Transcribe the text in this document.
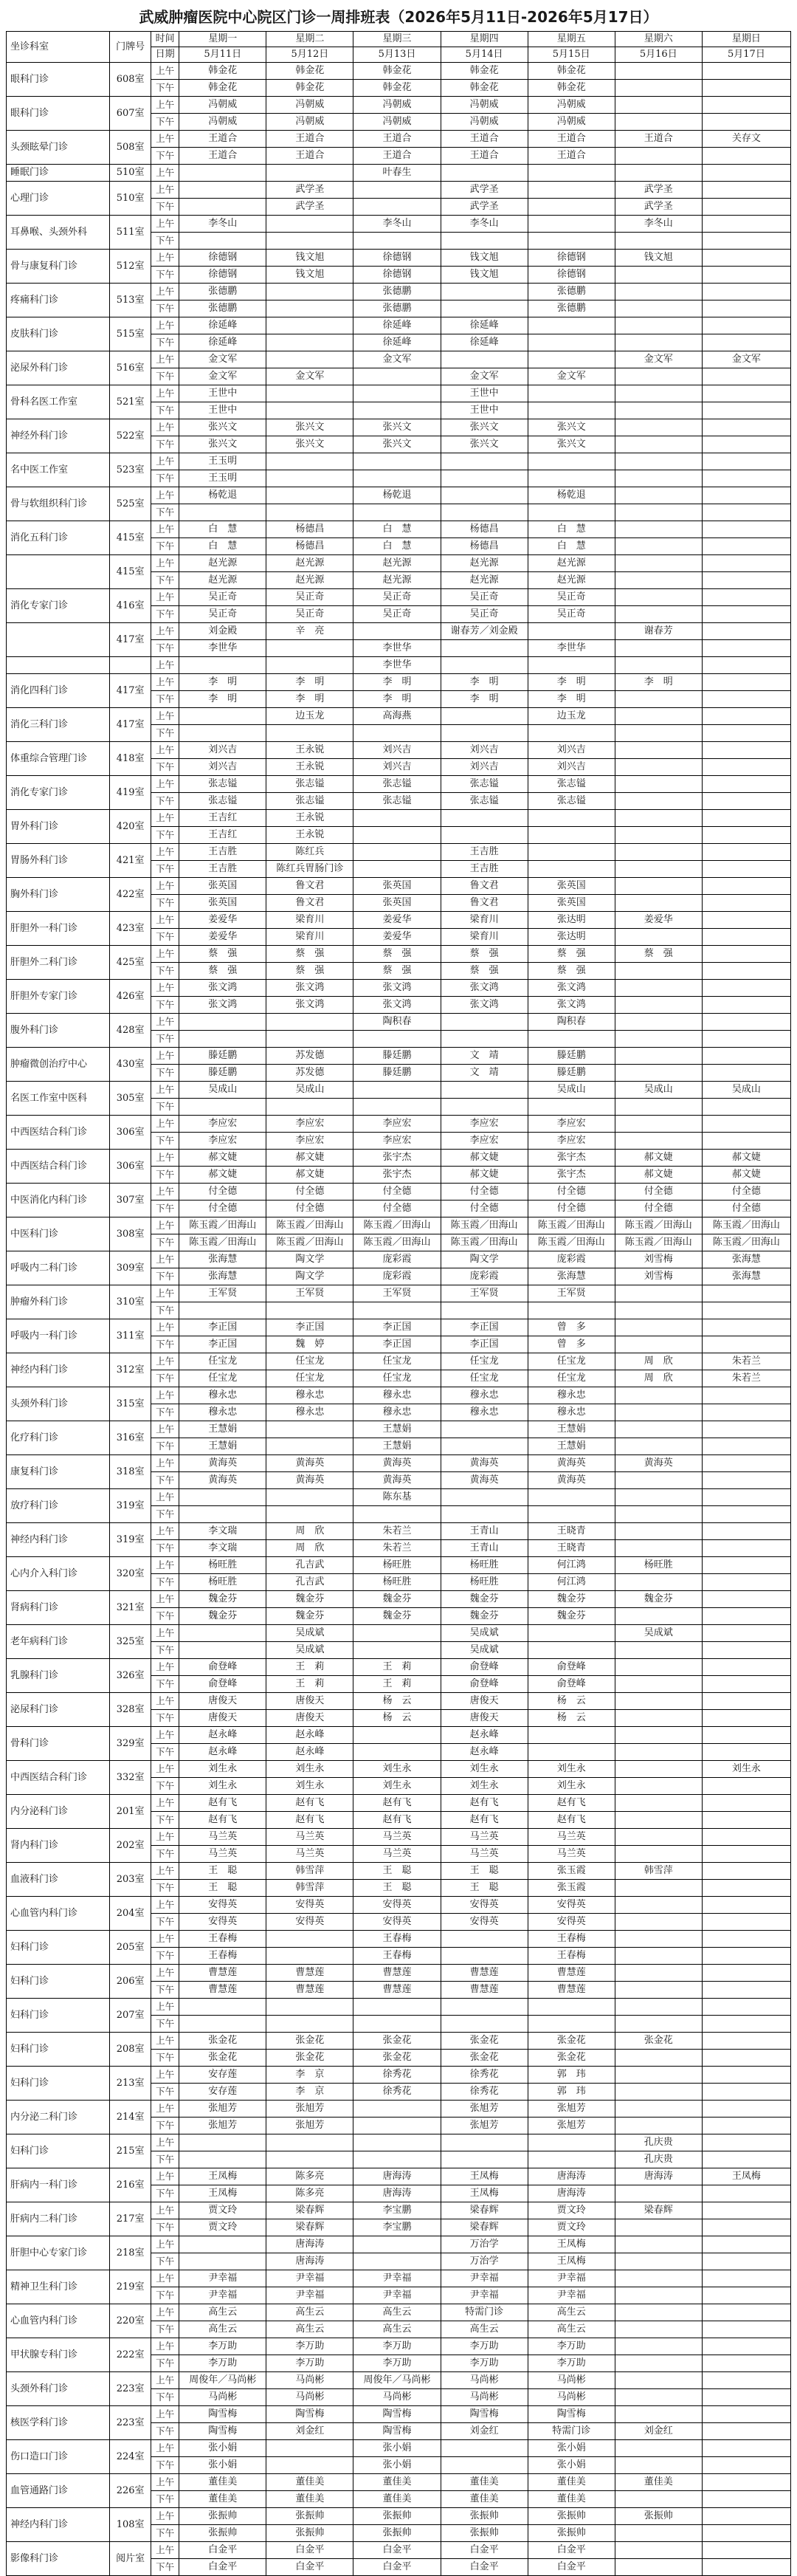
武威肿瘤医院中心院区门诊一周排班表（2026年5月11日-2026年5月17日）
坐诊科室	门牌号	时间	星期一	星期二	星期三	星期四	星期五	星期六	星期日
		日期	5月11日	5月12日	5月13日	5月14日	5月15日	5月16日	5月17日
眼科门诊	608室	上午	韩金花	韩金花	韩金花	韩金花	韩金花		
		下午	韩金花	韩金花	韩金花	韩金花	韩金花		
眼科门诊	607室	上午	冯朝威	冯朝威	冯朝威	冯朝威	冯朝威		
		下午	冯朝威	冯朝威	冯朝威	冯朝威	冯朝威		
头颈眩晕门诊	508室	上午	王道合	王道合	王道合	王道合	王道合	王道合	关存文
		下午	王道合	王道合	王道合	王道合	王道合		
睡眠门诊	510室	上午			叶春生				
心理门诊	510室	上午		武学圣		武学圣		武学圣	
		下午		武学圣		武学圣		武学圣	
耳鼻喉、头颈外科	511室	上午	李冬山		李冬山	李冬山		李冬山	
		下午							
骨与康复科门诊	512室	上午	徐德钢	钱文旭	徐德钢	钱文旭	徐德钢	钱文旭	
		下午	徐德钢	钱文旭	徐德钢	钱文旭	徐德钢		
疼痛科门诊	513室	上午	张德鹏		张德鹏		张德鹏		
		下午	张德鹏		张德鹏		张德鹏		
皮肤科门诊	515室	上午	徐延峰		徐延峰	徐延峰			
		下午	徐延峰		徐延峰	徐延峰			
泌尿外科门诊	516室	上午	金文军		金文军			金文军	金文军
		下午	金文军	金文军		金文军	金文军		
骨科名医工作室	521室	上午	王世中			王世中			
		下午	王世中			王世中			
神经外科门诊	522室	上午	张兴文	张兴文	张兴文	张兴文	张兴文		
		下午	张兴文	张兴文	张兴文	张兴文	张兴文		
名中医工作室	523室	上午	王玉明						
		下午	王玉明						
骨与软组织科门诊	525室	上午	杨乾退		杨乾退		杨乾退		
		下午							
消化五科门诊	415室	上午	白　慧	杨德昌	白　慧	杨德昌	白　慧		
		下午	白　慧	杨德昌	白　慧	杨德昌	白　慧		
	415室	上午	赵光源	赵光源	赵光源	赵光源	赵光源		
		下午	赵光源	赵光源	赵光源	赵光源	赵光源		
消化专家门诊	416室	上午	吴正奇	吴正奇	吴正奇	吴正奇	吴正奇		
		下午	吴正奇	吴正奇	吴正奇	吴正奇	吴正奇		
	417室	上午	刘金殿	辛　亮		谢春芳／刘金殿		谢春芳	
		下午	李世华		李世华		李世华		
		上午			李世华				
消化四科门诊	417室	上午	李　明	李　明	李　明	李　明	李　明	李　明	
		下午	李　明	李　明	李　明	李　明	李　明		
消化三科门诊	417室	上午		边玉龙	高海燕		边玉龙		
		下午							
体重综合管理门诊	418室	上午	刘兴吉	王永锐	刘兴吉	刘兴吉	刘兴吉		
		下午	刘兴吉	王永锐	刘兴吉	刘兴吉	刘兴吉		
消化专家门诊	419室	上午	张志镒	张志镒	张志镒	张志镒	张志镒		
		下午	张志镒	张志镒	张志镒	张志镒	张志镒		
胃外科门诊	420室	上午	王吉红	王永锐					
		下午	王吉红	王永锐					
胃肠外科门诊	421室	上午	王吉胜	陈红兵		王吉胜			
		下午	王吉胜	陈红兵胃肠门诊		王吉胜			
胸外科门诊	422室	上午	张英国	鲁文君	张英国	鲁文君	张英国		
		下午	张英国	鲁文君	张英国	鲁文君	张英国		
肝胆外一科门诊	423室	上午	姜爱华	梁育川	姜爱华	梁育川	张达明	姜爱华	
		下午	姜爱华	梁育川	姜爱华	梁育川	张达明		
肝胆外二科门诊	425室	上午	蔡　强	蔡　强	蔡　强	蔡　强	蔡　强	蔡　强	
		下午	蔡　强	蔡　强	蔡　强	蔡　强	蔡　强		
肝胆外专家门诊	426室	上午	张文鸿	张文鸿	张文鸿	张文鸿	张文鸿		
		下午	张文鸿	张文鸿	张文鸿	张文鸿	张文鸿		
腹外科门诊	428室	上午			陶积春		陶积春		
		下午							
肿瘤微创治疗中心	430室	上午	滕廷鹏	苏发德	滕廷鹏	文　靖	滕廷鹏		
		下午	滕廷鹏	苏发德	滕廷鹏	文　靖	滕廷鹏		
名医工作室中医科	305室	上午	吴成山	吴成山			吴成山	吴成山	吴成山
		下午							
中西医结合科门诊	306室	上午	李应宏	李应宏	李应宏	李应宏	李应宏		
		下午	李应宏	李应宏	李应宏	李应宏	李应宏		
中西医结合科门诊	306室	上午	郝文婕	郝文婕	张宇杰	郝文婕	张宇杰	郝文婕	郝文婕
		下午	郝文婕	郝文婕	张宇杰	郝文婕	张宇杰	郝文婕	郝文婕
中医消化内科门诊	307室	上午	付全德	付全德	付全德	付全德	付全德	付全德	付全德
		下午	付全德	付全德	付全德	付全德	付全德	付全德	付全德
中医科门诊	308室	上午	陈玉霞／田海山	陈玉霞／田海山	陈玉霞／田海山	陈玉霞／田海山	陈玉霞／田海山	陈玉霞／田海山	陈玉霞／田海山
		下午	陈玉霞／田海山	陈玉霞／田海山	陈玉霞／田海山	陈玉霞／田海山	陈玉霞／田海山	陈玉霞／田海山	陈玉霞／田海山
呼吸内二科门诊	309室	上午	张海慧	陶文学	庞彩霞	陶文学	庞彩霞	刘雪梅	张海慧
		下午	张海慧	陶文学	庞彩霞	庞彩霞	张海慧	刘雪梅	张海慧
肿瘤外科门诊	310室	上午	王军贤	王军贤	王军贤	王军贤	王军贤		
		下午							
呼吸内一科门诊	311室	上午	李正国	李正国	李正国	李正国	曾　多		
		下午	李正国	魏　婷	李正国	李正国	曾　多		
神经内科门诊	312室	上午	任宝龙	任宝龙	任宝龙	任宝龙	任宝龙	周　欣	朱若兰
		下午	任宝龙	任宝龙	任宝龙	任宝龙	任宝龙	周　欣	朱若兰
头颈外科门诊	315室	上午	穆永忠	穆永忠	穆永忠	穆永忠	穆永忠		
		下午	穆永忠	穆永忠	穆永忠	穆永忠	穆永忠		
化疗科门诊	316室	上午	王慧娟		王慧娟		王慧娟		
		下午	王慧娟		王慧娟		王慧娟		
康复科门诊	318室	上午	黄海英	黄海英	黄海英	黄海英	黄海英	黄海英	
		下午	黄海英	黄海英	黄海英	黄海英	黄海英		
放疗科门诊	319室	上午			陈东基				
		下午							
神经内科门诊	319室	上午	李文瑞	周　欣	朱若兰	王青山	王晓青		
		下午	李文瑞	周　欣	朱若兰	王青山	王晓青		
心内介入科门诊	320室	上午	杨旺胜	孔吉武	杨旺胜	杨旺胜	何江鸿	杨旺胜	
		下午	杨旺胜	孔吉武	杨旺胜	杨旺胜	何江鸿		
肾病科门诊	321室	上午	魏金芬	魏金芬	魏金芬	魏金芬	魏金芬	魏金芬	
		下午	魏金芬	魏金芬	魏金芬	魏金芬	魏金芬		
老年病科门诊	325室	上午		吴成斌		吴成斌		吴成斌	
		下午		吴成斌		吴成斌			
乳腺科门诊	326室	上午	俞登峰	王　莉	王　莉	俞登峰	俞登峰		
		下午	俞登峰	王　莉	王　莉	俞登峰	俞登峰		
泌尿科门诊	328室	上午	唐俊天	唐俊天	杨　云	唐俊天	杨　云		
		下午	唐俊天	唐俊天	杨　云	唐俊天	杨　云		
骨科门诊	329室	上午	赵永峰	赵永峰		赵永峰			
		下午	赵永峰	赵永峰		赵永峰			
中西医结合科门诊	332室	上午	刘生永	刘生永	刘生永	刘生永	刘生永		刘生永
		下午	刘生永	刘生永	刘生永	刘生永	刘生永		
内分泌科门诊	201室	上午	赵有飞	赵有飞	赵有飞	赵有飞	赵有飞		
		下午	赵有飞	赵有飞	赵有飞	赵有飞	赵有飞		
肾内科门诊	202室	上午	马兰英	马兰英	马兰英	马兰英	马兰英		
		下午	马兰英	马兰英	马兰英	马兰英	马兰英		
血液科门诊	203室	上午	王　聪	韩雪萍	王　聪	王　聪	张玉霞	韩雪萍	
		下午	王　聪	韩雪萍	王　聪	王　聪	张玉霞		
心血管内科门诊	204室	上午	安得英	安得英	安得英	安得英	安得英		
		下午	安得英	安得英	安得英	安得英	安得英		
妇科门诊	205室	上午	王春梅		王春梅		王春梅		
		下午	王春梅		王春梅		王春梅		
妇科门诊	206室	上午	曹慧莲	曹慧莲	曹慧莲	曹慧莲	曹慧莲		
		下午	曹慧莲	曹慧莲	曹慧莲	曹慧莲	曹慧莲		
妇科门诊	207室	上午							
		下午							
妇科门诊	208室	上午	张金花	张金花	张金花	张金花	张金花	张金花	
		下午	张金花	张金花	张金花	张金花	张金花		
妇科门诊	213室	上午	安存莲	李　京	徐秀花	徐秀花	郭　玮		
		下午	安存莲	李　京	徐秀花	徐秀花	郭　玮		
内分泌二科门诊	214室	上午	张旭芳	张旭芳		张旭芳	张旭芳		
		下午	张旭芳	张旭芳		张旭芳	张旭芳		
妇科门诊	215室	上午						孔庆贵	
		下午						孔庆贵	
肝病内一科门诊	216室	上午	王凤梅	陈多亮	唐海涛	王凤梅	唐海涛	唐海涛	王凤梅
		下午	王凤梅	陈多亮	唐海涛	王凤梅	唐海涛		
肝病内二科门诊	217室	上午	贾文玲	梁春辉	李宝鹏	梁春辉	贾文玲	梁春辉	
		下午	贾文玲	梁春辉	李宝鹏	梁春辉	贾文玲		
肝胆中心专家门诊	218室	上午		唐海涛		万治学	王凤梅		
		下午		唐海涛		万治学	王凤梅		
精神卫生科门诊	219室	上午	尹幸福	尹幸福	尹幸福	尹幸福	尹幸福		
		下午	尹幸福	尹幸福	尹幸福	尹幸福	尹幸福		
心血管内科门诊	220室	上午	高生云	高生云	高生云	特需门诊	高生云		
		下午	高生云	高生云	高生云	高生云	高生云		
甲状腺专科门诊	222室	上午	李万助	李万助	李万助	李万助	李万助		
		下午	李万助	李万助	李万助	李万助	李万助		
头颈外科门诊	223室	上午	周俊年／马尚彬	马尚彬	周俊年／马尚彬	马尚彬	马尚彬		
		下午	马尚彬	马尚彬	马尚彬	马尚彬	马尚彬		
核医学科门诊	223室	上午	陶雪梅	陶雪梅	陶雪梅	陶雪梅	陶雪梅		
		下午	陶雪梅	刘金红	陶雪梅	刘金红	特需门诊	刘金红	
伤口造口门诊	224室	上午	张小娟		张小娟		张小娟		
		下午	张小娟		张小娟		张小娟		
血管通路门诊	226室	上午	董佳美	董佳美	董佳美	董佳美	董佳美	董佳美	
		下午	董佳美	董佳美	董佳美	董佳美	董佳美		
神经内科门诊	108室	上午	张振帅	张振帅	张振帅	张振帅	张振帅	张振帅	
		下午	张振帅	张振帅	张振帅	张振帅	张振帅		
影像科门诊	阅片室	上午	白金平	白金平	白金平	白金平	白金平		
		下午	白金平	白金平	白金平	白金平	白金平		
